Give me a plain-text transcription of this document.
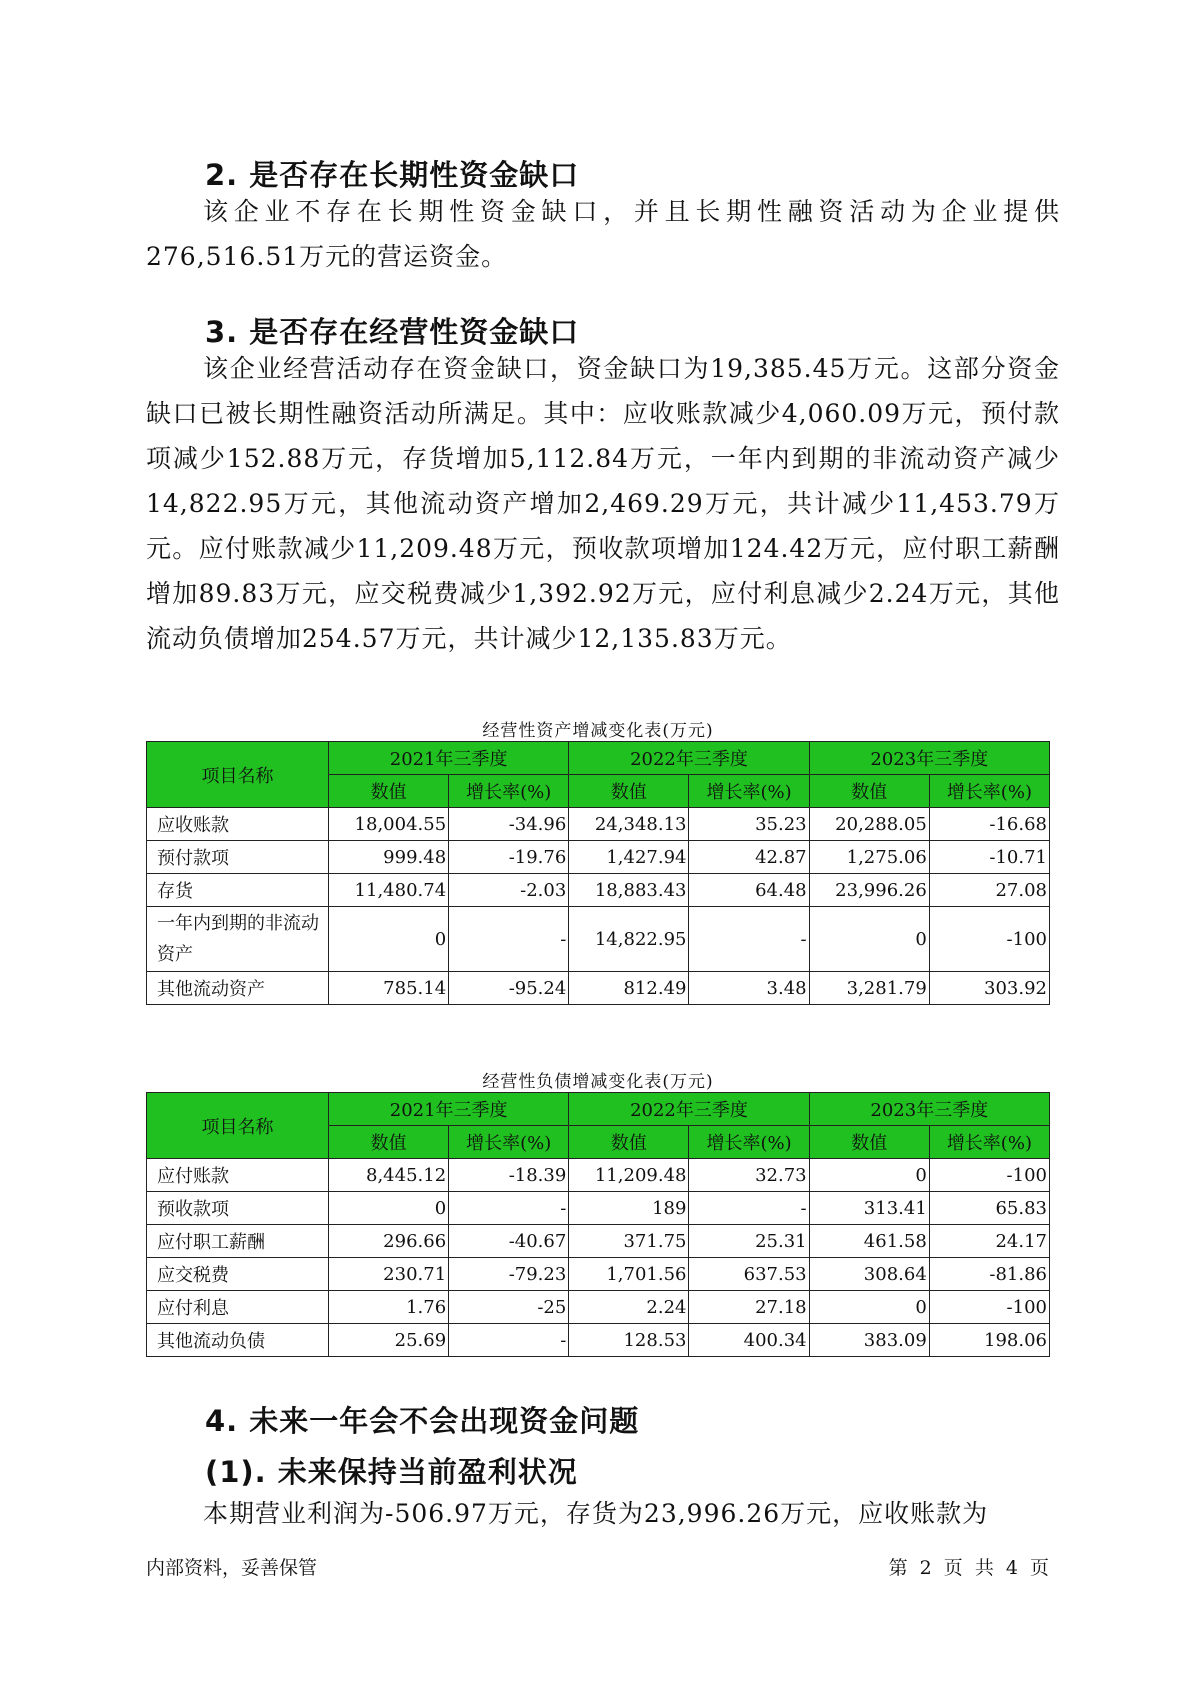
2. 是否存在长期性资金缺口

该企业不存在长期性资金缺口，并且长期性融资活动为企业提供276,516.51万元的营运资金。

3. 是否存在经营性资金缺口

该企业经营活动存在资金缺口，资金缺口为19,385.45万元。这部分资金缺口已被长期性融资活动所满足。其中：应收账款减少4,060.09万元，预付款项减少152.88万元，存货增加5,112.84万元，一年内到期的非流动资产减少14,822.95万元，其他流动资产增加2,469.29万元，共计减少11,453.79万元。应付账款减少11,209.48万元，预收款项增加124.42万元，应付职工薪酬增加89.83万元，应交税费减少1,392.92万元，应付利息减少2.24万元，其他流动负债增加254.57万元，共计减少12,135.83万元。

经营性资产增减变化表(万元)
项目名称	2021年三季度		2022年三季度		2023年三季度	
	数值	增长率(%)	数值	增长率(%)	数值	增长率(%)
应收账款	18,004.55	-34.96	24,348.13	35.23	20,288.05	-16.68
预付款项	999.48	-19.76	1,427.94	42.87	1,275.06	-10.71
存货	11,480.74	-2.03	18,883.43	64.48	23,996.26	27.08
一年内到期的非流动资产	0	-	14,822.95	-	0	-100
其他流动资产	785.14	-95.24	812.49	3.48	3,281.79	303.92
经营性负债增减变化表(万元)
项目名称	2021年三季度		2022年三季度		2023年三季度	
	数值	增长率(%)	数值	增长率(%)	数值	增长率(%)
应付账款	8,445.12	-18.39	11,209.48	32.73	0	-100
预收款项	0	-	189	-	313.41	65.83
应付职工薪酬	296.66	-40.67	371.75	25.31	461.58	24.17
应交税费	230.71	-79.23	1,701.56	637.53	308.64	-81.86
应付利息	1.76	-25	2.24	27.18	0	-100
其他流动负债	25.69	-	128.53	400.34	383.09	198.06
4. 未来一年会不会出现资金问题
(1). 未来保持当前盈利状况

本期营业利润为-506.97万元，存货为23,996.26万元，应收账款为

内部资料，妥善保管	第 2 页 共 4 页
